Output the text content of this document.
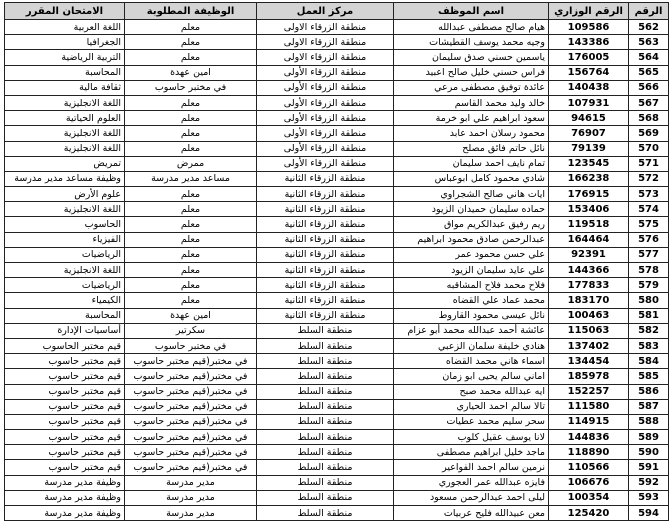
الرقم	الرقم الوزاري	اسم الموظف	مركز العمل	الوظيفة المطلوبة	الامتحان المقرر
562	109586	هيام صالح مصطفى عبدالله	منطقة الزرقاء الاولى	معلم	اللغة العربية
563	143386	وجيه محمد يوسف القطيشات	منطقة الزرقاء الاولى	معلم	الجغرافيا
564	176005	ياسمين حسني صدق سليمان	منطقة الزرقاء الاولى	معلم	التربية الرياضية
565	156764	فراس حسني خليل صالح اعبيد	منطقة الزرقاء الأولى	امين عهدة	المحاسبة
566	140438	عائدة توفيق مصطفى مرعي	منطقة الزرقاء الأولى	في مختبر حاسوب	ثقافة مالية
567	107931	خالد وليد محمد القاسم	منطقة الزرقاء الأولى	معلم	اللغة الانجليزية
568	94615	سعود ابراهيم علي ابو خرمة	منطقة الزرقاء الأولى	معلم	العلوم الحياتية
569	76907	محمود رسلان احمد عابد	منطقة الزرقاء الأولى	معلم	اللغة الانجليزية
570	79139	نائل حاتم فائق مصلح	منطقة الزرقاء الأولى	معلم	اللغة الانجليزية
571	123545	تمام نايف احمد سليمان	منطقة الزرقاء الأولى	ممرض	تمريض
572	166238	شادي محمود كامل ابوعباس	منطقة الزرقاء الثانية	مساعد مدير مدرسة	وظيفة مساعد مدير مدرسة
573	176915	ايات هاني صالح الشجراوي	منطقة الزرقاء الثانية	معلم	علوم الأرض
574	153406	حماده سليمان حميدان الزيود	منطقة الزرقاء الثانية	معلم	اللغة الانجليزية
575	119518	ريم رفيق عبدالكريم مواق	منطقة الزرقاء الثانية	معلم	الحاسوب
576	164464	عبدالرحمن صادق محمود ابراهيم	منطقة الزرقاء الثانية	معلم	الفيزياء
577	92391	علي حسن محمود عمر	منطقة الزرقاء الثانية	معلم	الرياضيات
578	144366	علي عايد سليمان الزيود	منطقة الزرقاء الثانية	معلم	اللغة الانجليزية
579	177833	فلاح محمد فلاح المشاقبه	منطقة الزرقاء الثانية	معلم	الرياضيات
580	183170	محمد عماد علي القضاه	منطقة الزرقاء الثانية	معلم	الكيمياء
581	100463	نائل عيسى محمود القاروط	منطقة الزرقاء الثانية	امين عهدة	المحاسبة
582	115063	عائشة أحمد عبدالله محمد أبو عزام	منطقة السلط	سكرتير	أساسيات الإدارة
583	137402	هنادي خليفة سلمان الزعبي	منطقة السلط	في مختبر حاسوب	قيم مختبر الحاسوب
584	134454	اسماء هاني محمد القضاه	منطقة السلط	في مختبر(قيم مختبر حاسوب	قيم مختبر حاسوب
585	185978	اماني سالم يحيى ابو زمان	منطقة السلط	في مختبر(قيم مختبر حاسوب	قيم مختبر حاسوب
586	152257	ايه عبدالله محمد صبح	منطقة السلط	في مختبر(قيم مختبر حاسوب	قيم مختبر حاسوب
587	111580	تالا سالم احمد الحياري	منطقة السلط	في مختبر(قيم مختبر حاسوب	قيم مختبر حاسوب
588	114915	سحر سليم محمد عطيات	منطقة السلط	في مختبر(قيم مختبر حاسوب	قيم مختبر حاسوب
589	144836	لانا يوسف عقيل كلوب	منطقة السلط	في مختبر(قيم مختبر حاسوب	قيم مختبر حاسوب
590	118890	ماجد خليل ابراهيم مصطفى	منطقة السلط	في مختبر(قيم مختبر حاسوب	قيم مختبر حاسوب
591	110566	نرمين سالم احمد الفواعير	منطقة السلط	في مختبر(قيم مختبر حاسوب	قيم مختبر حاسوب
592	106676	فايزه عبدالله عمر العجوري	منطقة السلط	مدير مدرسة	وظيفة مدير مدرسة
593	100354	ليلى احمد عبدالرحمن مسعود	منطقة السلط	مدير مدرسة	وظيفة مدير مدرسة
594	125420	معن عبيدالله فليح عربيات	منطقة السلط	مدير مدرسة	وظيفة مدير مدرسة
